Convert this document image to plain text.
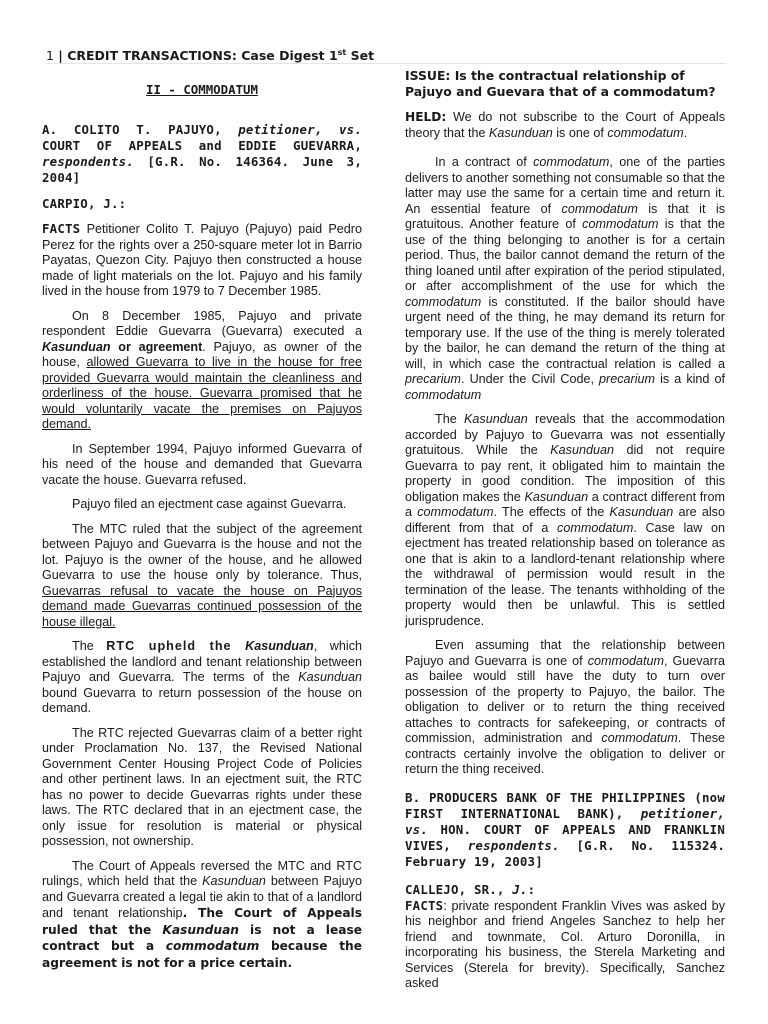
1 | CREDIT TRANSACTIONS: Case Digest 1st Set
II - COMMODATUM

A. COLITO T. PAJUYO, petitioner, vs. COURT OF APPEALS and EDDIE GUEVARRA, respondents. [G.R. No. 146364. June 3, 2004]

CARPIO, J.:

FACTS Petitioner Colito T. Pajuyo (Pajuyo) paid Pedro Perez for the rights over a 250-square meter lot in Barrio Payatas, Quezon City. Pajuyo then constructed a house made of light materials on the lot. Pajuyo and his family lived in the house from 1979 to 7 December 1985.

On 8 December 1985, Pajuyo and private respondent Eddie Guevarra (Guevarra) executed a Kasunduan or agreement. Pajuyo, as owner of the house, allowed Guevarra to live in the house for free provided Guevarra would maintain the cleanliness and orderliness of the house. Guevarra promised that he would voluntarily vacate the premises on Pajuyos demand.

In September 1994, Pajuyo informed Guevarra of his need of the house and demanded that Guevarra vacate the house. Guevarra refused.

Pajuyo filed an ejectment case against Guevarra.

The MTC ruled that the subject of the agreement between Pajuyo and Guevarra is the house and not the lot. Pajuyo is the owner of the house, and he allowed Guevarra to use the house only by tolerance. Thus, Guevarras refusal to vacate the house on Pajuyos demand made Guevarras continued possession of the house illegal.

The RTC upheld the Kasunduan, which established the landlord and tenant relationship between Pajuyo and Guevarra. The terms of the Kasunduan bound Guevarra to return possession of the house on demand.

The RTC rejected Guevarras claim of a better right under Proclamation No. 137, the Revised National Government Center Housing Project Code of Policies and other pertinent laws. In an ejectment suit, the RTC has no power to decide Guevarras rights under these laws. The RTC declared that in an ejectment case, the only issue for resolution is material or physical possession, not ownership.

The Court of Appeals reversed the MTC and RTC rulings, which held that the Kasunduan between Pajuyo and Guevarra created a legal tie akin to that of a landlord and tenant relationship. The Court of Appeals ruled that the Kasunduan is not a lease contract but a commodatum because the agreement is not for a price certain.

ISSUE: Is the contractual relationship of Pajuyo and Guevara that of a commodatum?

HELD: We do not subscribe to the Court of Appeals theory that the Kasunduan is one of commodatum.

In a contract of commodatum, one of the parties delivers to another something not consumable so that the latter may use the same for a certain time and return it. An essential feature of commodatum is that it is gratuitous. Another feature of commodatum is that the use of the thing belonging to another is for a certain period. Thus, the bailor cannot demand the return of the thing loaned until after expiration of the period stipulated, or after accomplishment of the use for which the commodatum is constituted. If the bailor should have urgent need of the thing, he may demand its return for temporary use. If the use of the thing is merely tolerated by the bailor, he can demand the return of the thing at will, in which case the contractual relation is called a precarium. Under the Civil Code, precarium is a kind of commodatum

The Kasunduan reveals that the accommodation accorded by Pajuyo to Guevarra was not essentially gratuitous. While the Kasunduan did not require Guevarra to pay rent, it obligated him to maintain the property in good condition. The imposition of this obligation makes the Kasunduan a contract different from a commodatum. The effects of the Kasunduan are also different from that of a commodatum. Case law on ejectment has treated relationship based on tolerance as one that is akin to a landlord-tenant relationship where the withdrawal of permission would result in the termination of the lease. The tenants withholding of the property would then be unlawful. This is settled jurisprudence.

Even assuming that the relationship between Pajuyo and Guevarra is one of commodatum, Guevarra as bailee would still have the duty to turn over possession of the property to Pajuyo, the bailor. The obligation to deliver or to return the thing received attaches to contracts for safekeeping, or contracts of commission, administration and commodatum. These contracts certainly involve the obligation to deliver or return the thing received.

B. PRODUCERS BANK OF THE PHILIPPINES (now FIRST INTERNATIONAL BANK), petitioner, vs. HON. COURT OF APPEALS AND FRANKLIN VIVES, respondents. [G.R. No. 115324. February 19, 2003]

CALLEJO, SR., J.:

FACTS: private respondent Franklin Vives was asked by his neighbor and friend Angeles Sanchez to help her friend and townmate, Col. Arturo Doronilla, in incorporating his business, the Sterela Marketing and Services (Sterela for brevity). Specifically, Sanchez asked
